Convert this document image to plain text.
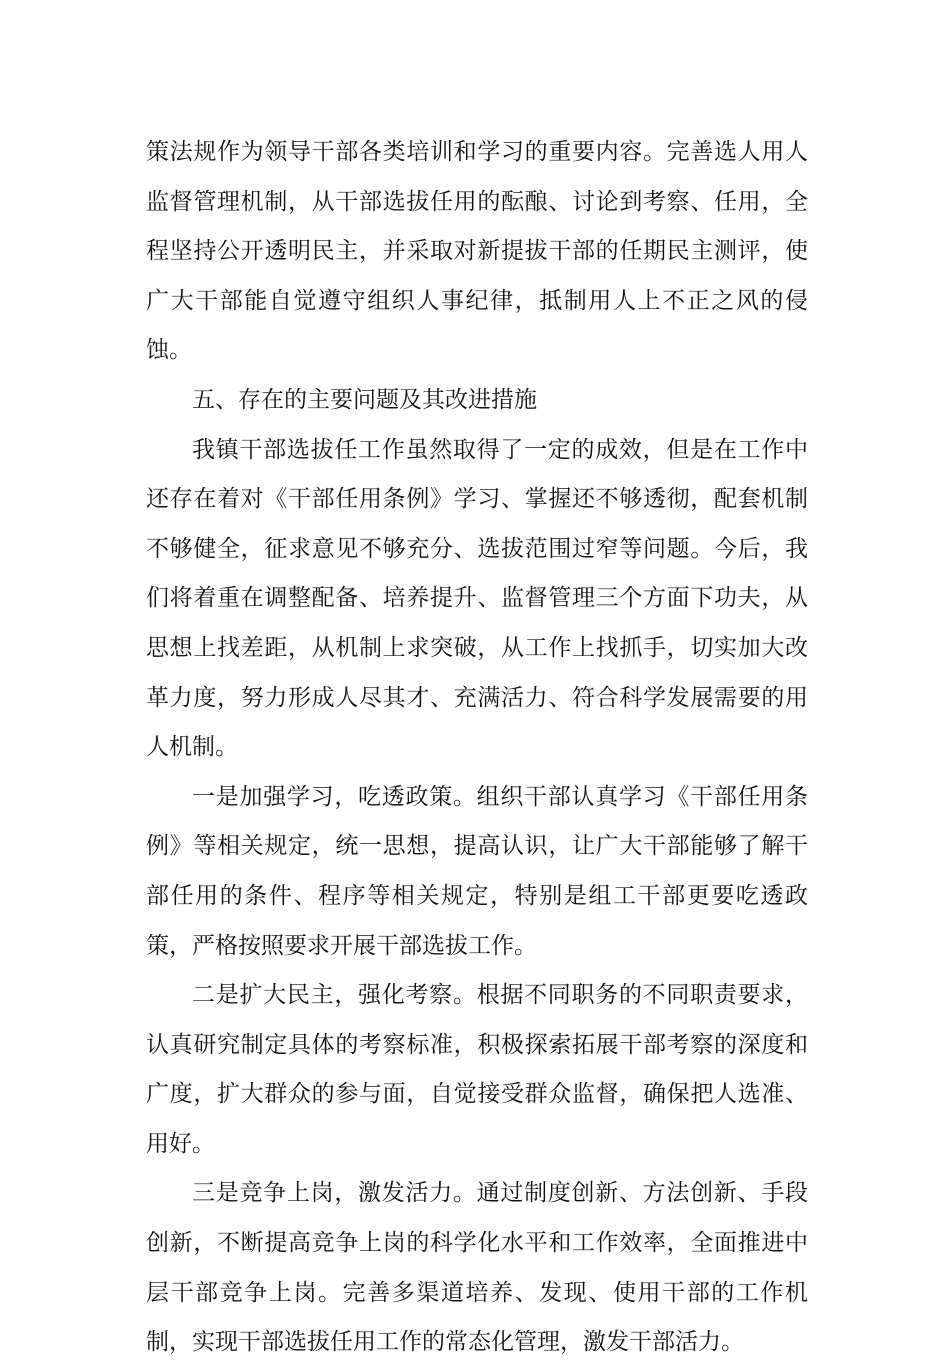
策法规作为领导干部各类培训和学习的重要内容。完善选人用人监督管理机制，从干部选拔任用的酝酿、讨论到考察、任用，全程坚持公开透明民主，并采取对新提拔干部的任期民主测评，使广大干部能自觉遵守组织人事纪律，抵制用人上不正之风的侵蚀。

五、存在的主要问题及其改进措施

我镇干部选拔任工作虽然取得了一定的成效，但是在工作中还存在着对《干部任用条例》学习、掌握还不够透彻，配套机制不够健全，征求意见不够充分、选拔范围过窄等问题。今后，我们将着重在调整配备、培养提升、监督管理三个方面下功夫，从思想上找差距，从机制上求突破，从工作上找抓手，切实加大改革力度，努力形成人尽其才、充满活力、符合科学发展需要的用人机制。

一是加强学习，吃透政策。组织干部认真学习《干部任用条例》等相关规定，统一思想，提高认识，让广大干部能够了解干部任用的条件、程序等相关规定，特别是组工干部更要吃透政策，严格按照要求开展干部选拔工作。

二是扩大民主，强化考察。根据不同职务的不同职责要求，认真研究制定具体的考察标准，积极探索拓展干部考察的深度和广度，扩大群众的参与面，自觉接受群众监督，确保把人选准、用好。

三是竞争上岗，激发活力。通过制度创新、方法创新、手段创新，不断提高竞争上岗的科学化水平和工作效率，全面推进中层干部竞争上岗。完善多渠道培养、发现、使用干部的工作机制，实现干部选拔任用工作的常态化管理，激发干部活力。
